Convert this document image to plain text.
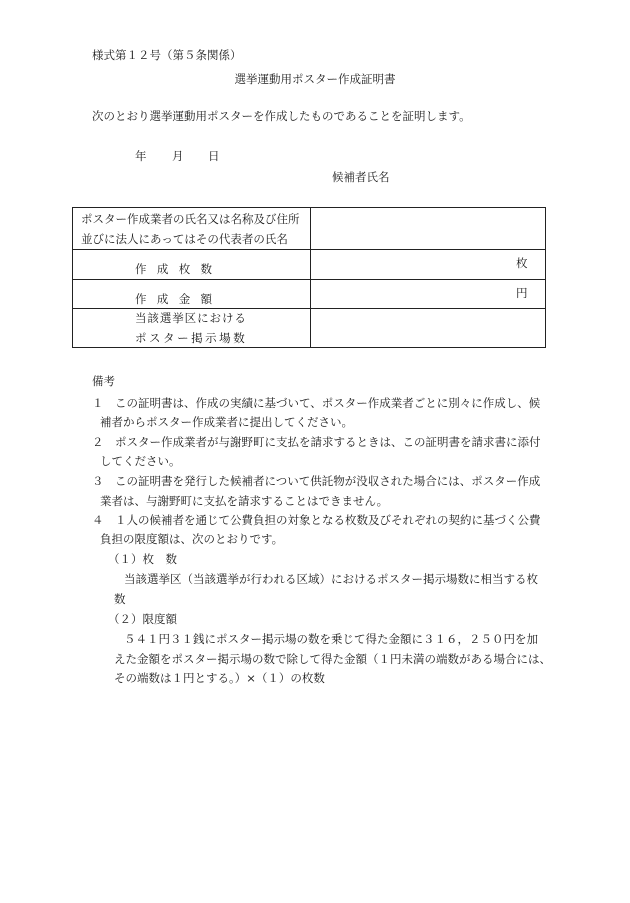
様式第１２号（第５条関係）
選挙運動用ポスター作成証明書
次のとおり選挙運動用ポスターを作成したものであることを証明します。
年 月 日
候補者氏名
ポスター作成業者の氏名又は名称及び住所
並びに法人にあってはその代表者の氏名
作成枚数	枚
作成金額	円
当該選挙区における
ポスター掲示場数
備考
１　この証明書は、作成の実績に基づいて、ポスター作成業者ごとに別々に作成し、候
補者からポスター作成業者に提出してください。
２　ポスター作成業者が与謝野町に支払を請求するときは、この証明書を請求書に添付
してください。
３　この証明書を発行した候補者について供託物が没収された場合には、ポスター作成
業者は、与謝野町に支払を請求することはできません。
４　１人の候補者を通じて公費負担の対象となる枚数及びそれぞれの契約に基づく公費
負担の限度額は、次のとおりです。
（１）枚　数
当該選挙区（当該選挙が行われる区域）におけるポスター掲示場数に相当する枚
数
（２）限度額
５４１円３１銭にポスター掲示場の数を乗じて得た金額に３１６，２５０円を加
えた金額をポスター掲示場の数で除して得た金額（１円未満の端数がある場合には、
その端数は１円とする。）×（１）の枚数
